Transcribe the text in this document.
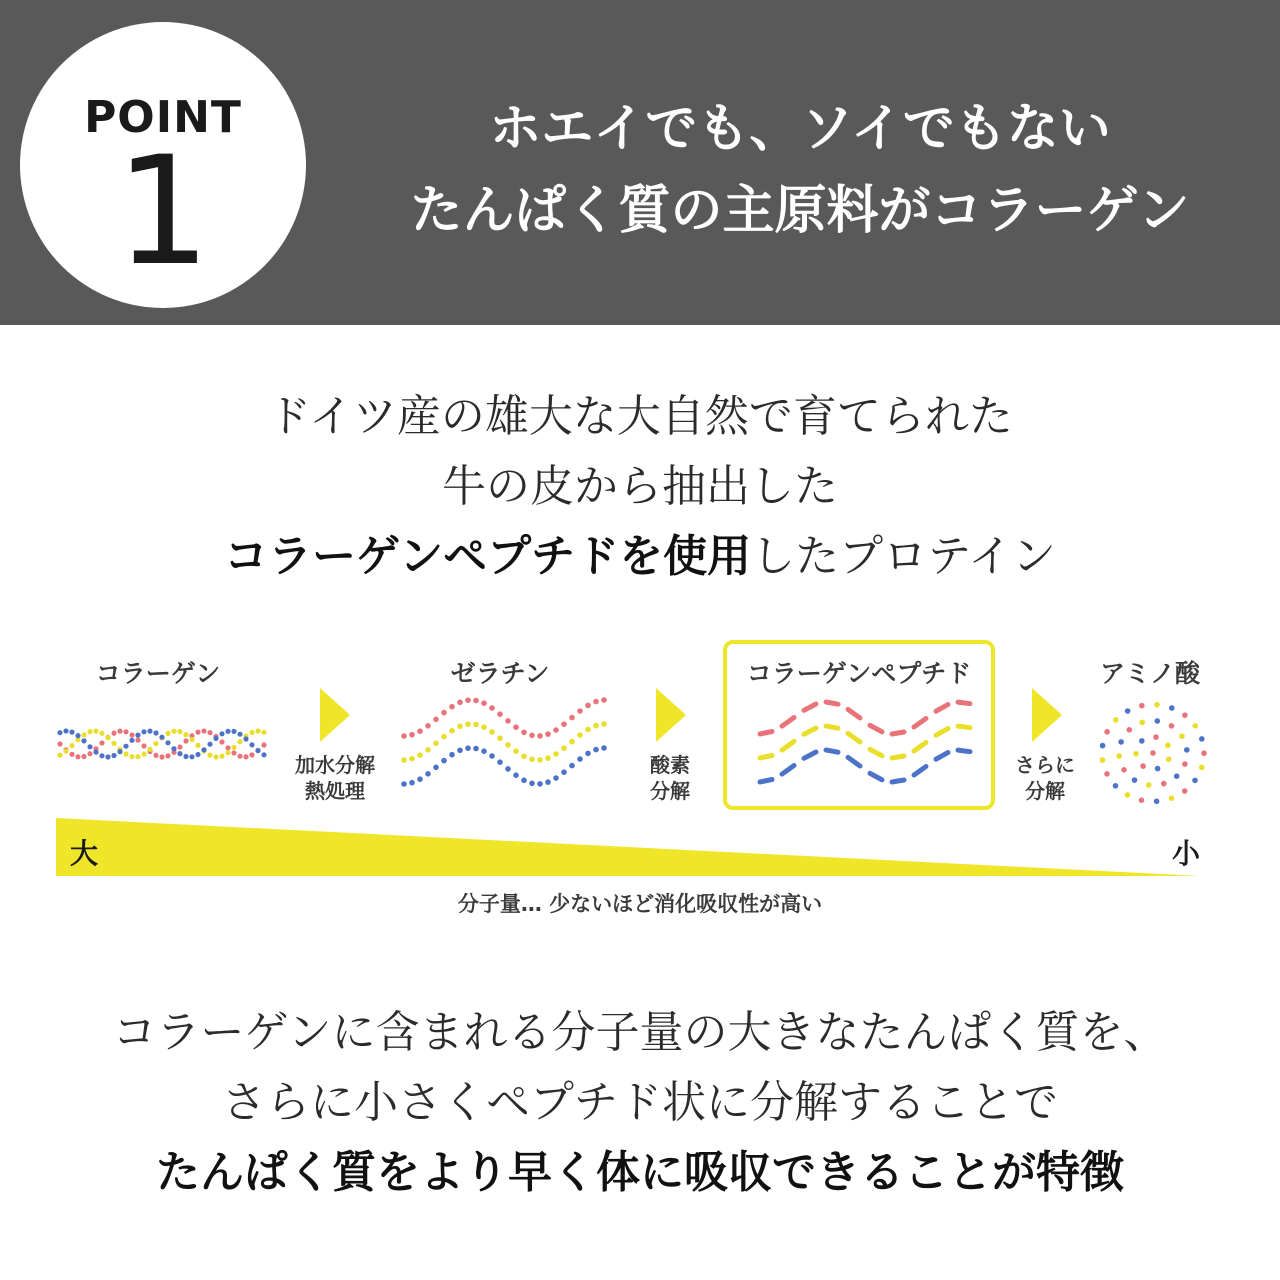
POINT
1	ホエイでも、ソイでもない
たんぱく質の主原料がコラーゲン
ドイツ産の雄大な大自然で育てられた
牛の皮から抽出した
コラーゲンペプチドを使用したプロテイン
コラーゲン	ゼラチン	コラーゲンペプチド	アミノ酸
加水分解
熱処理
酸素
分解
さらに
分解
大	小
分子量… 少ないほど消化吸収性が高い
コラーゲンに含まれる分子量の大きなたんぱく質を、
さらに小さくペプチド状に分解することで
たんぱく質をより早く体に吸収できることが特徴
